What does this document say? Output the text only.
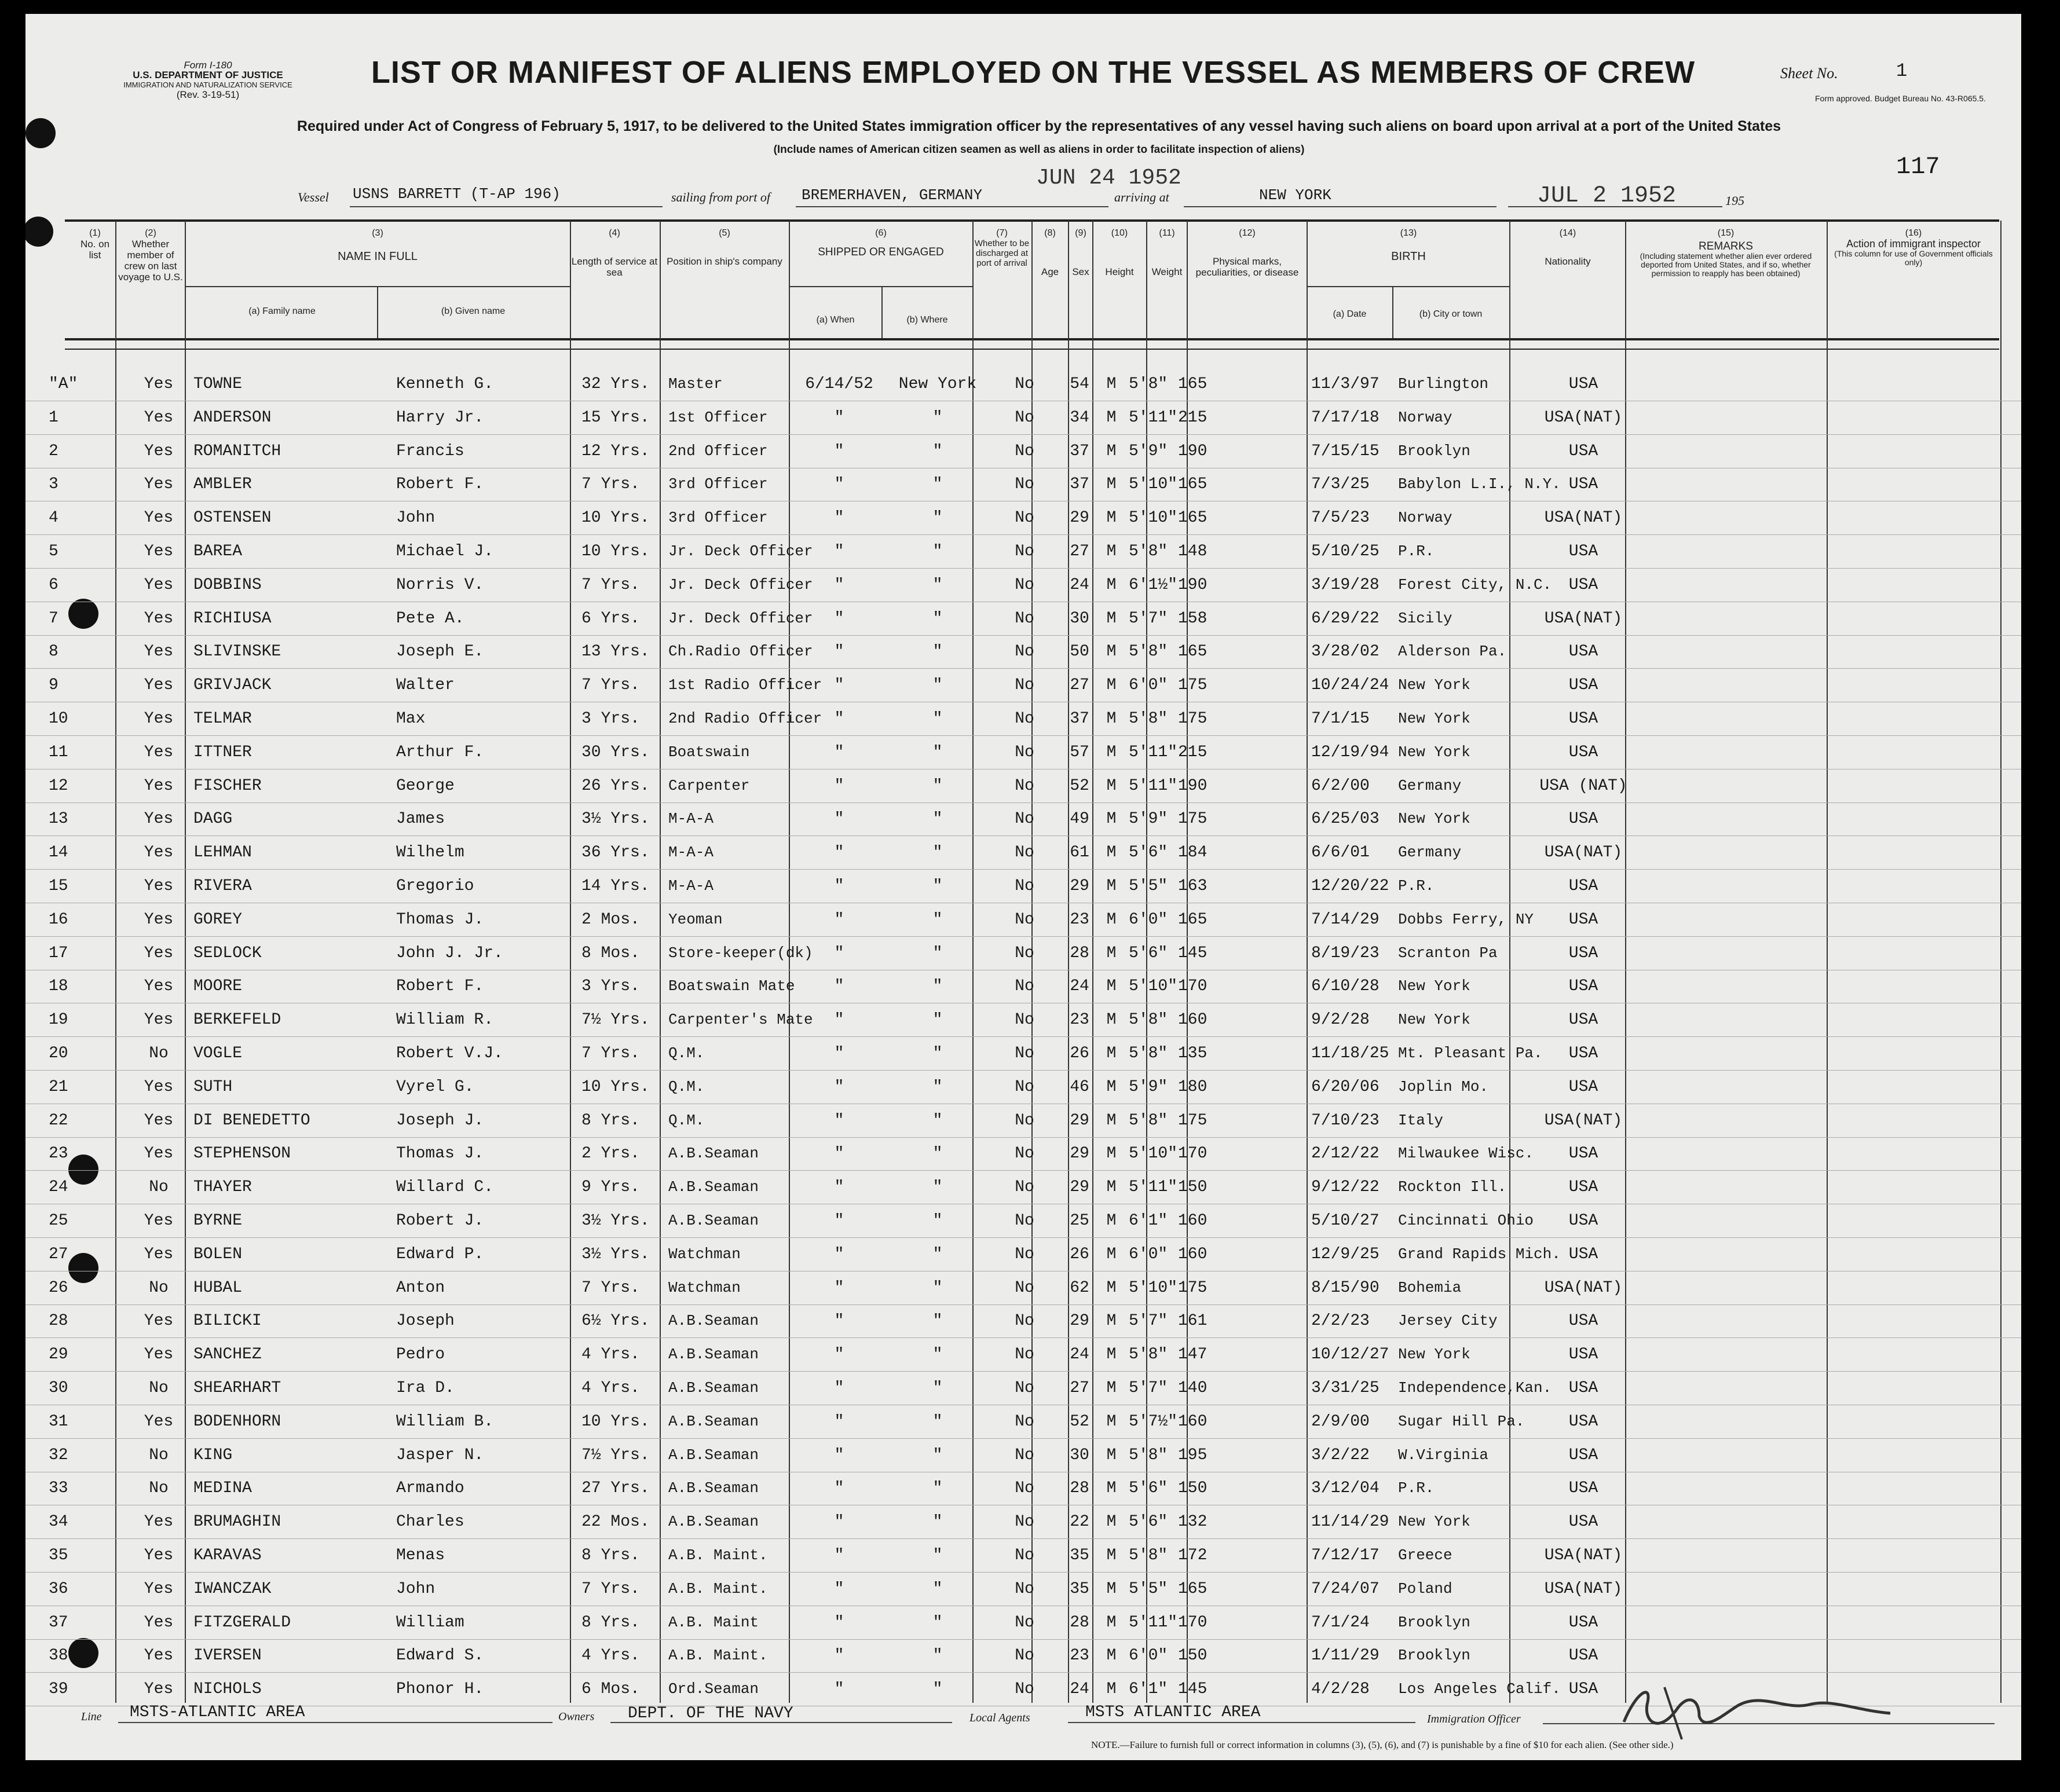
Form I-180
U.S. DEPARTMENT OF JUSTICE
IMMIGRATION AND NATURALIZATION SERVICE
(Rev. 3-19-51)
LIST OR MANIFEST OF ALIENS EMPLOYED ON THE VESSEL AS MEMBERS OF CREW
Required under Act of Congress of February 5, 1917, to be delivered to the United States immigration officer by the representatives of any vessel having such aliens on board upon arrival at a port of the United States
(Include names of American citizen seamen as well as aliens in order to facilitate inspection of aliens)
Sheet No.	1
Form approved. Budget Bureau No. 43-R065.5.
117
Vessel USNS BARRETT (T-AP 196)	sailing from port of BREMERHAVEN, GERMANY
JUN 24 1952
arriving at	NEW YORK	JUL 2 1952	195
(1)
No. on list
(2)
Whether member of crew on last voyage to U.S.
(3)
NAME IN FULL
(a) Family name	(b) Given name
(4)
Length of service at sea
(5)
Position in ship's company
(6)
SHIPPED OR ENGAGED
(a) When	(b) Where
(7)
Whether to be discharged at port of arrival
(8)
Age
(9)
Sex
(10)
Height
(11)
Weight
(12)
Physical marks, peculiarities, or disease
(13)
BIRTH
(a) Date	(b) City or town
(14)
Nationality
(15)
REMARKS
(Including statement whether alien ever ordered deported from United States, and if so, whether permission to reapply has been obtained)
(16)
Action of immigrant inspector
(This column for use of Government officials only)
"A"	Yes	TOWNE	Kenneth G.	32 Yrs.	Master	6/14/52	New York	No	54	M 5'8" 165	11/3/97 Burlington	USA
1	Yes	ANDERSON	Harry Jr.	15 Yrs.	1st Officer	"	"	No	34	M 5'11" 215	7/17/18 Norway	USA(NAT)
2	Yes	ROMANITCH	Francis	12 Yrs.	2nd Officer	"	"	No	37	M 5'9" 190	7/15/15 Brooklyn	USA
3	Yes	AMBLER	Robert F.	7 Yrs.	3rd Officer	"	"	No	37	M 5'10" 165	7/3/25 Babylon L.I., N.Y. USA
4	Yes	OSTENSEN	John	10 Yrs.	3rd Officer	"	"	No	29	M 5'10" 165	7/5/23 Norway	USA(NAT)
5	Yes	BAREA	Michael J.	10 Yrs.	Jr. Deck Officer	"	"	No	27	M 5'8" 148	5/10/25 P.R.	USA
6	Yes	DOBBINS	Norris V.	7 Yrs.	Jr. Deck Officer	"	"	No	24	M 6'1½" 190	3/19/28 Forest City, N.C.	USA
7	Yes	RICHIUSA	Pete A.	6 Yrs.	Jr. Deck Officer	"	"	No	30	M 5'7" 158	6/29/22 Sicily	USA(NAT)
8	Yes	SLIVINSKE	Joseph E.	13 Yrs.	Ch.Radio Officer	"	"	No	50	M 5'8" 165	3/28/02 Alderson Pa.	USA
9	Yes	GRIVJACK	Walter	7 Yrs.	1st Radio Officer "	"	No	27	M 6'0" 175	10/24/24 New York	USA
10	Yes	TELMAR	Max	3 Yrs.	2nd Radio Officer "	"	No	37	M 5'8" 175	7/1/15 New York	USA
11	Yes	ITTNER	Arthur F.	30 Yrs.	Boatswain	"	"	No	57	M 5'11" 215	12/19/94 New York	USA
12	Yes	FISCHER	George	26 Yrs.	Carpenter	"	"	No	52	M 5'11" 190	6/2/00 Germany	USA (NAT)
13	Yes	DAGG	James	3½ Yrs.	M-A-A	"	"	No	49	M 5'9" 175	6/25/03 New York	USA
14	Yes	LEHMAN	Wilhelm	36 Yrs.	M-A-A	"	"	No	61	M 5'6" 184	6/6/01 Germany	USA(NAT)
15	Yes	RIVERA	Gregorio	14 Yrs.	M-A-A	"	"	No	29	M 5'5" 163	12/20/22 P.R.	USA
16	Yes	GOREY	Thomas J.	2 Mos.	Yeoman	"	"	No	23	M 6'0" 165	7/14/29 Dobbs Ferry, NY	USA
17	Yes	SEDLOCK	John J. Jr.	8 Mos.	Store-keeper(dk)	"	"	No	28	M 5'6" 145	8/19/23 Scranton Pa	USA
18	Yes	MOORE	Robert F.	3 Yrs.	Boatswain Mate	"	"	No	24	M 5'10" 170	6/10/28 New York	USA
19	Yes	BERKEFELD	William R.	7½ Yrs.	Carpenter's Mate	"	"	No	23	M 5'8" 160	9/2/28 New York	USA
20	No	VOGLE	Robert V.J.	7 Yrs.	Q.M.	"	"	No	26	M 5'8" 135	11/18/25 Mt. Pleasant Pa.	USA
21	Yes	SUTH	Vyrel G.	10 Yrs.	Q.M.	"	"	No	46	M 5'9" 180	6/20/06 Joplin Mo.	USA
22	Yes	DI BENEDETTO	Joseph J.	8 Yrs.	Q.M.	"	"	No	29	M 5'8" 175	7/10/23 Italy	USA(NAT)
23	Yes	STEPHENSON	Thomas J.	2 Yrs.	A.B.Seaman	"	"	No	29	M 5'10" 170	2/12/22 Milwaukee Wisc.	USA
24	No	THAYER	Willard C.	9 Yrs.	A.B.Seaman	"	"	No	29	M 5'11" 150	9/12/22 Rockton Ill.	USA
25	Yes	BYRNE	Robert J.	3½ Yrs.	A.B.Seaman	"	"	No	25	M 6'1" 160	5/10/27 Cincinnati Ohio	USA
27	Yes	BOLEN	Edward P.	3½ Yrs.	Watchman	"	"	No	26	M 6'0" 160	12/9/25 Grand Rapids Mich. USA
26	No	HUBAL	Anton	7 Yrs.	Watchman	"	"	No	62	M 5'10" 175	8/15/90 Bohemia	USA(NAT)
28	Yes	BILICKI	Joseph	6½ Yrs.	A.B.Seaman	"	"	No	29	M 5'7" 161	2/2/23 Jersey City	USA
29	Yes	SANCHEZ	Pedro	4 Yrs.	A.B.Seaman	"	"	No	24	M 5'8" 147	10/12/27 New York	USA
30	No	SHEARHART	Ira D.	4 Yrs.	A.B.Seaman	"	"	No	27	M 5'7" 140	3/31/25 Independence,Kan.	USA
31	Yes	BODENHORN	William B.	10 Yrs.	A.B.Seaman	"	"	No	52	M 5'7½" 160	2/9/00 Sugar Hill Pa.	USA
32	No	KING	Jasper N.	7½ Yrs.	A.B.Seaman	"	"	No	30	M 5'8" 195	3/2/22 W.Virginia	USA
33	No	MEDINA	Armando	27 Yrs.	A.B.Seaman	"	"	No	28	M 5'6" 150	3/12/04 P.R.	USA
34	Yes	BRUMAGHIN	Charles	22 Mos.	A.B.Seaman	"	"	No	22	M 5'6" 132	11/14/29 New York	USA
35	Yes	KARAVAS	Menas	8 Yrs.	A.B. Maint.	"	"	No	35	M 5'8" 172	7/12/17 Greece	USA(NAT)
36	Yes	IWANCZAK	John	7 Yrs.	A.B. Maint.	"	"	No	35	M 5'5" 165	7/24/07 Poland	USA(NAT)
37	Yes	FITZGERALD	William	8 Yrs.	A.B. Maint	"	"	No	28	M 5'11" 170	7/1/24 Brooklyn	USA
38	Yes	IVERSEN	Edward S.	4 Yrs.	A.B. Maint.	"	"	No	23	M 6'0" 150	1/11/29 Brooklyn	USA
39	Yes	NICHOLS	Phonor H.	6 Mos.	Ord.Seaman	"	"	No	24	M 6'1" 145	4/2/28 Los Angeles Calif. USA
Line MSTS-ATLANTIC AREA	Owners DEPT. OF THE NAVY	Local Agents	MSTS ATLANTIC AREA	Immigration Officer
NOTE.—Failure to furnish full or correct information in columns (3), (5), (6), and (7) is punishable by a fine of $10 for each alien. (See other side.)
